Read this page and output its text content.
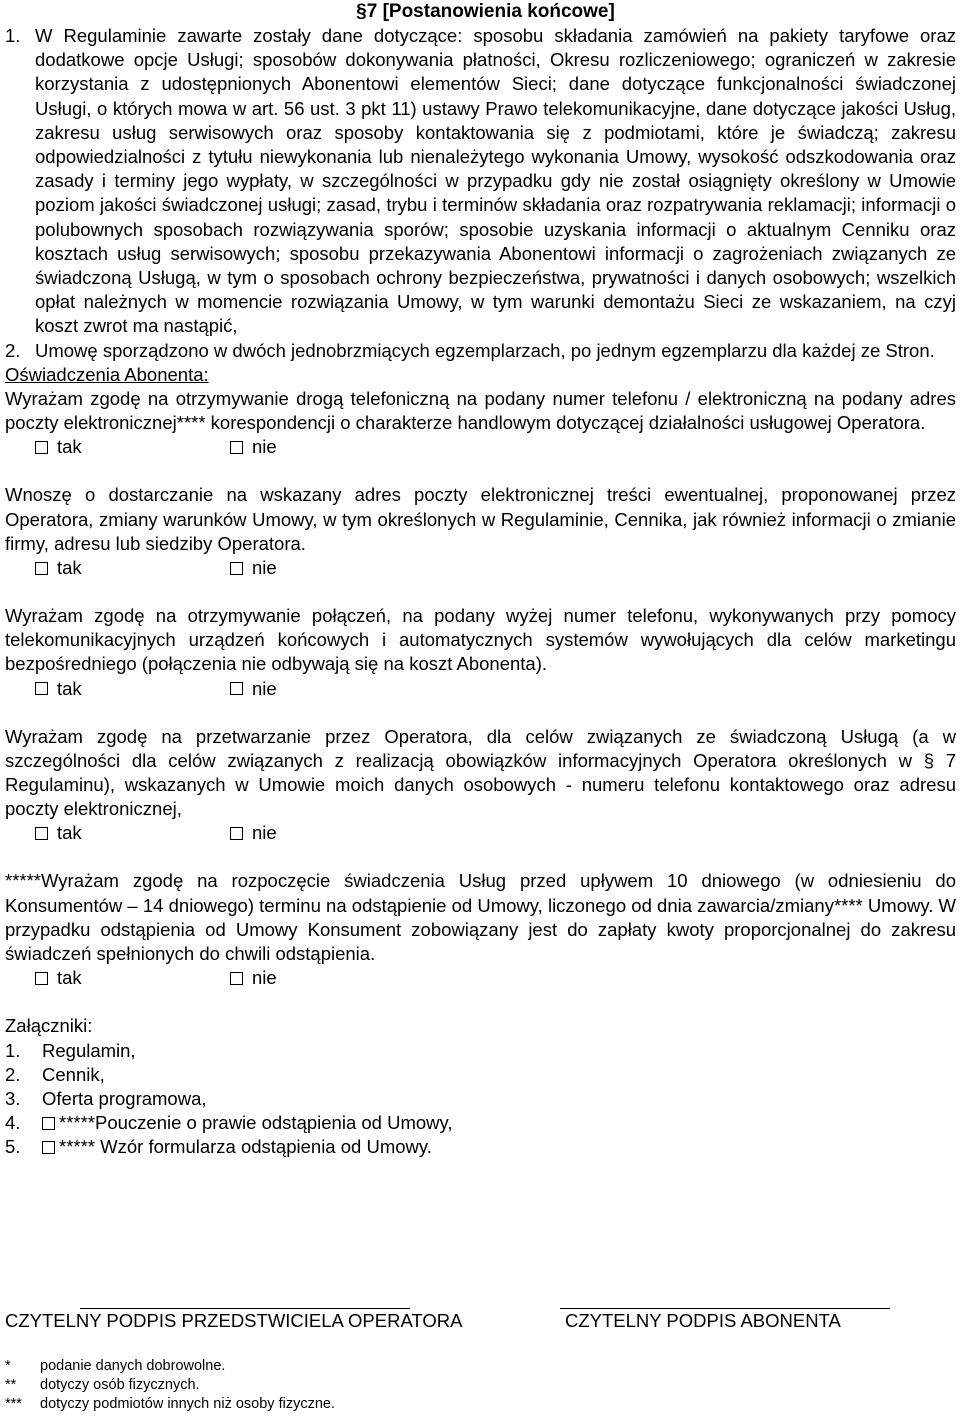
§7 [Postanowienia końcowe]
1. W Regulaminie zawarte zostały dane dotyczące: sposobu składania zamówień na pakiety taryfowe oraz dodatkowe opcje Usługi; sposobów dokonywania płatności, Okresu rozliczeniowego; ograniczeń w zakresie korzystania z udostępnionych Abonentowi elementów Sieci; dane dotyczące funkcjonalności świadczonej Usługi, o których mowa w art. 56 ust. 3 pkt 11) ustawy Prawo telekomunikacyjne, dane dotyczące jakości Usług, zakresu usług serwisowych oraz sposoby kontaktowania się z podmiotami, które je świadczą; zakresu odpowiedzialności z tytułu niewykonania lub nienależytego wykonania Umowy, wysokość odszkodowania oraz zasady i terminy jego wypłaty, w szczególności w przypadku gdy nie został osiągnięty określony w Umowie poziom jakości świadczonej usługi; zasad, trybu i terminów składania oraz rozpatrywania reklamacji; informacji o polubownych sposobach rozwiązywania sporów; sposobie uzyskania informacji o aktualnym Cenniku oraz kosztach usług serwisowych; sposobu przekazywania Abonentowi informacji o zagrożeniach związanych ze świadczoną Usługą, w tym o sposobach ochrony bezpieczeństwa, prywatności i danych osobowych; wszelkich opłat należnych w momencie rozwiązania Umowy, w tym warunki demontażu Sieci ze wskazaniem, na czyj koszt zwrot ma nastąpić,
2. Umowę sporządzono w dwóch jednobrzmiących egzemplarzach, po jednym egzemplarzu dla każdej ze Stron.
Oświadczenia Abonenta:
Wyrażam zgodę na otrzymywanie drogą telefoniczną na podany numer telefonu / elektroniczną na podany adres poczty elektronicznej**** korespondencji o charakterze handlowym dotyczącej działalności usługowej Operatora.
tak	nie
Wnoszę o dostarczanie na wskazany adres poczty elektronicznej treści ewentualnej, proponowanej przez Operatora, zmiany warunków Umowy, w tym określonych w Regulaminie, Cennika, jak również informacji o zmianie firmy, adresu lub siedziby Operatora.
tak	nie
Wyrażam zgodę na otrzymywanie połączeń, na podany wyżej numer telefonu, wykonywanych przy pomocy telekomunikacyjnych urządzeń końcowych i automatycznych systemów wywołujących dla celów marketingu bezpośredniego (połączenia nie odbywają się na koszt Abonenta).
tak	nie
Wyrażam zgodę na przetwarzanie przez Operatora, dla celów związanych ze świadczoną Usługą (a w szczególności dla celów związanych z realizacją obowiązków informacyjnych Operatora określonych w § 7 Regulaminu), wskazanych w Umowie moich danych osobowych - numeru telefonu kontaktowego oraz adresu poczty elektronicznej,
tak	nie
*****Wyrażam zgodę na rozpoczęcie świadczenia Usług przed upływem 10 dniowego (w odniesieniu do Konsumentów – 14 dniowego) terminu na odstąpienie od Umowy, liczonego od dnia zawarcia/zmiany**** Umowy. W przypadku odstąpienia od Umowy Konsument zobowiązany jest do zapłaty kwoty proporcjonalnej do zakresu świadczeń spełnionych do chwili odstąpienia.
tak	nie
Załączniki:
1. Regulamin,
2. Cennik,
3. Oferta programowa,
4. *****Pouczenie o prawie odstąpienia od Umowy,
5. ***** Wzór formularza odstąpienia od Umowy.
CZYTELNY PODPIS PRZEDSTWICIELA OPERATORA	CZYTELNY PODPIS ABONENTA
* podanie danych dobrowolne.
** dotyczy osób fizycznych.
*** dotyczy podmiotów innych niż osoby fizyczne.
